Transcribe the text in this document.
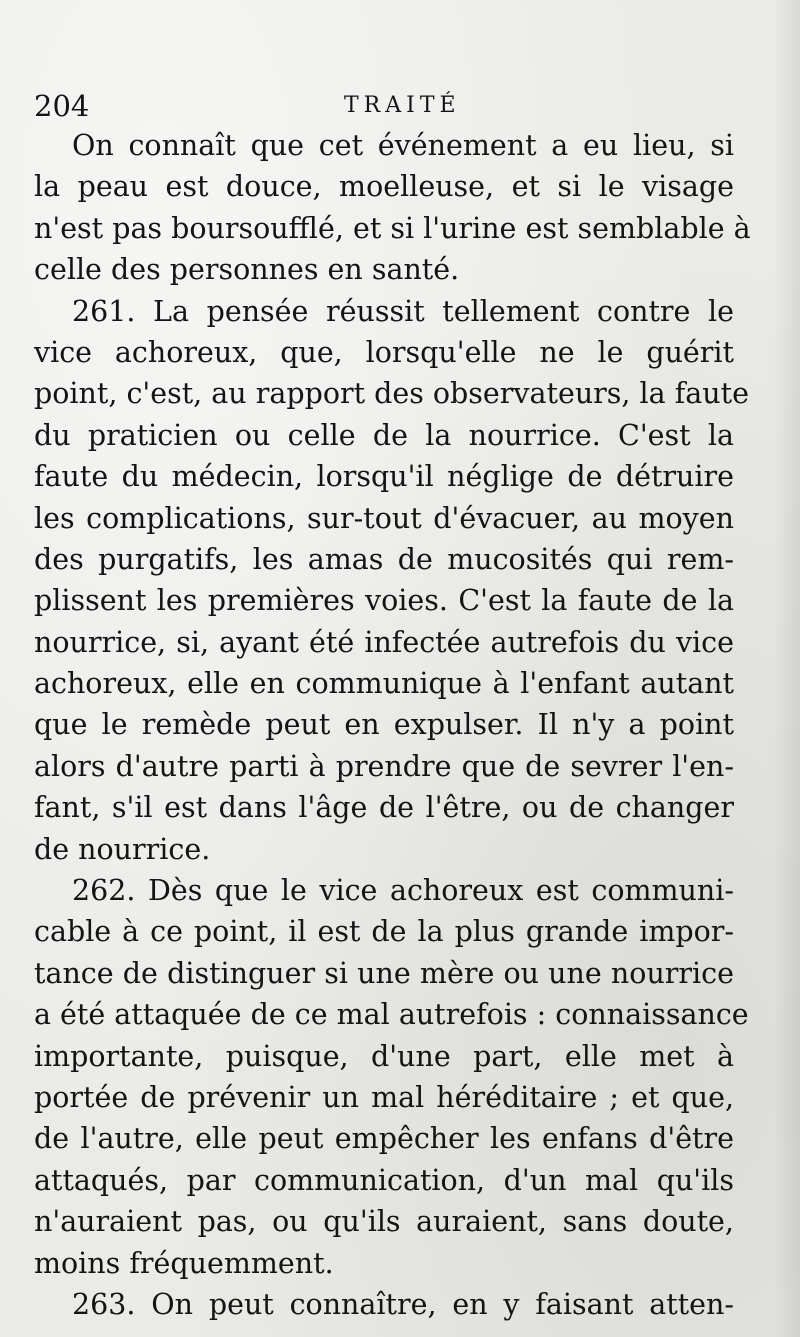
204	TRAITÉ
On connaît que cet événement a eu lieu, si
la peau est douce, moelleuse, et si le visage
n'est pas boursoufflé, et si l'urine est semblable à
celle des personnes en santé.
261. La pensée réussit tellement contre le
vice achoreux, que, lorsqu'elle ne le guérit
point, c'est, au rapport des observateurs, la faute
du praticien ou celle de la nourrice. C'est la
faute du médecin, lorsqu'il néglige de détruire
les complications, sur-tout d'évacuer, au moyen
des purgatifs, les amas de mucosités qui rem-
plissent les premières voies. C'est la faute de la
nourrice, si, ayant été infectée autrefois du vice
achoreux, elle en communique à l'enfant autant
que le remède peut en expulser. Il n'y a point
alors d'autre parti à prendre que de sevrer l'en-
fant, s'il est dans l'âge de l'être, ou de changer
de nourrice.
262. Dès que le vice achoreux est communi-
cable à ce point, il est de la plus grande impor-
tance de distinguer si une mère ou une nourrice
a été attaquée de ce mal autrefois : connaissance
importante, puisque, d'une part, elle met à
portée de prévenir un mal héréditaire ; et que,
de l'autre, elle peut empêcher les enfans d'être
attaqués, par communication, d'un mal qu'ils
n'auraient pas, ou qu'ils auraient, sans doute,
moins fréquemment.
263. On peut connaître, en y faisant atten-
